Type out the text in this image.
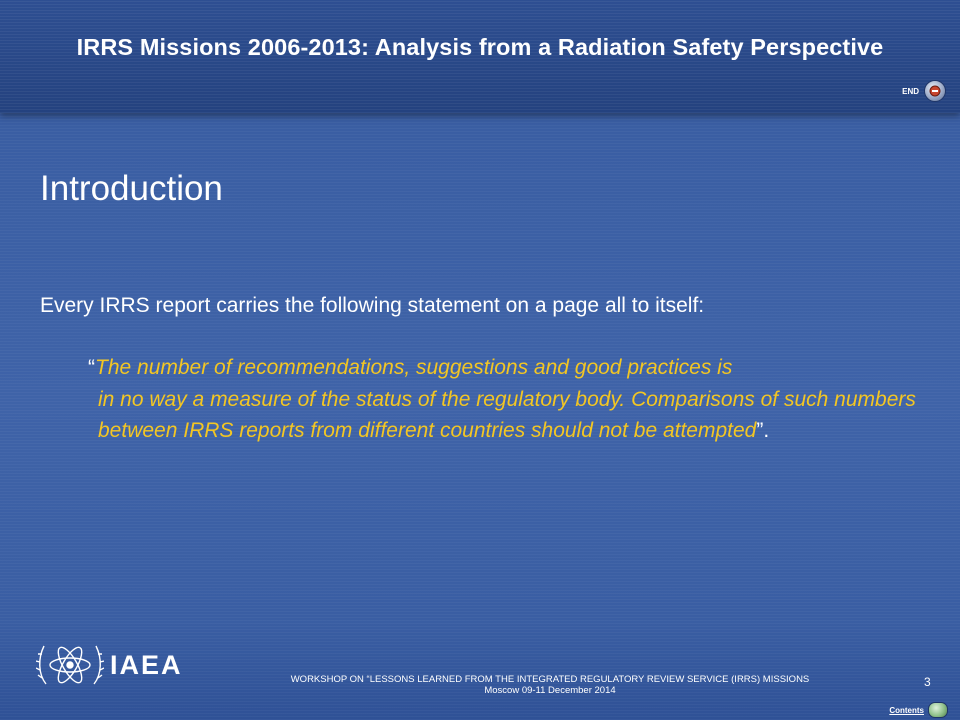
IRRS Missions 2006-2013: Analysis from a Radiation Safety Perspective
END
Introduction
Every IRRS report carries the following statement on a page all to itself:
“The number of recommendations, suggestions and good practices is
in no way a measure of the status of the regulatory body. Comparisons of such numbers between IRRS reports from different countries should not be attempted”.
IAEA	WORKSHOP ON “LESSONS LEARNED FROM THE INTEGRATED REGULATORY REVIEW SERVICE (IRRS) MISSIONS
Moscow 09-11 December 2014
3
Contents
